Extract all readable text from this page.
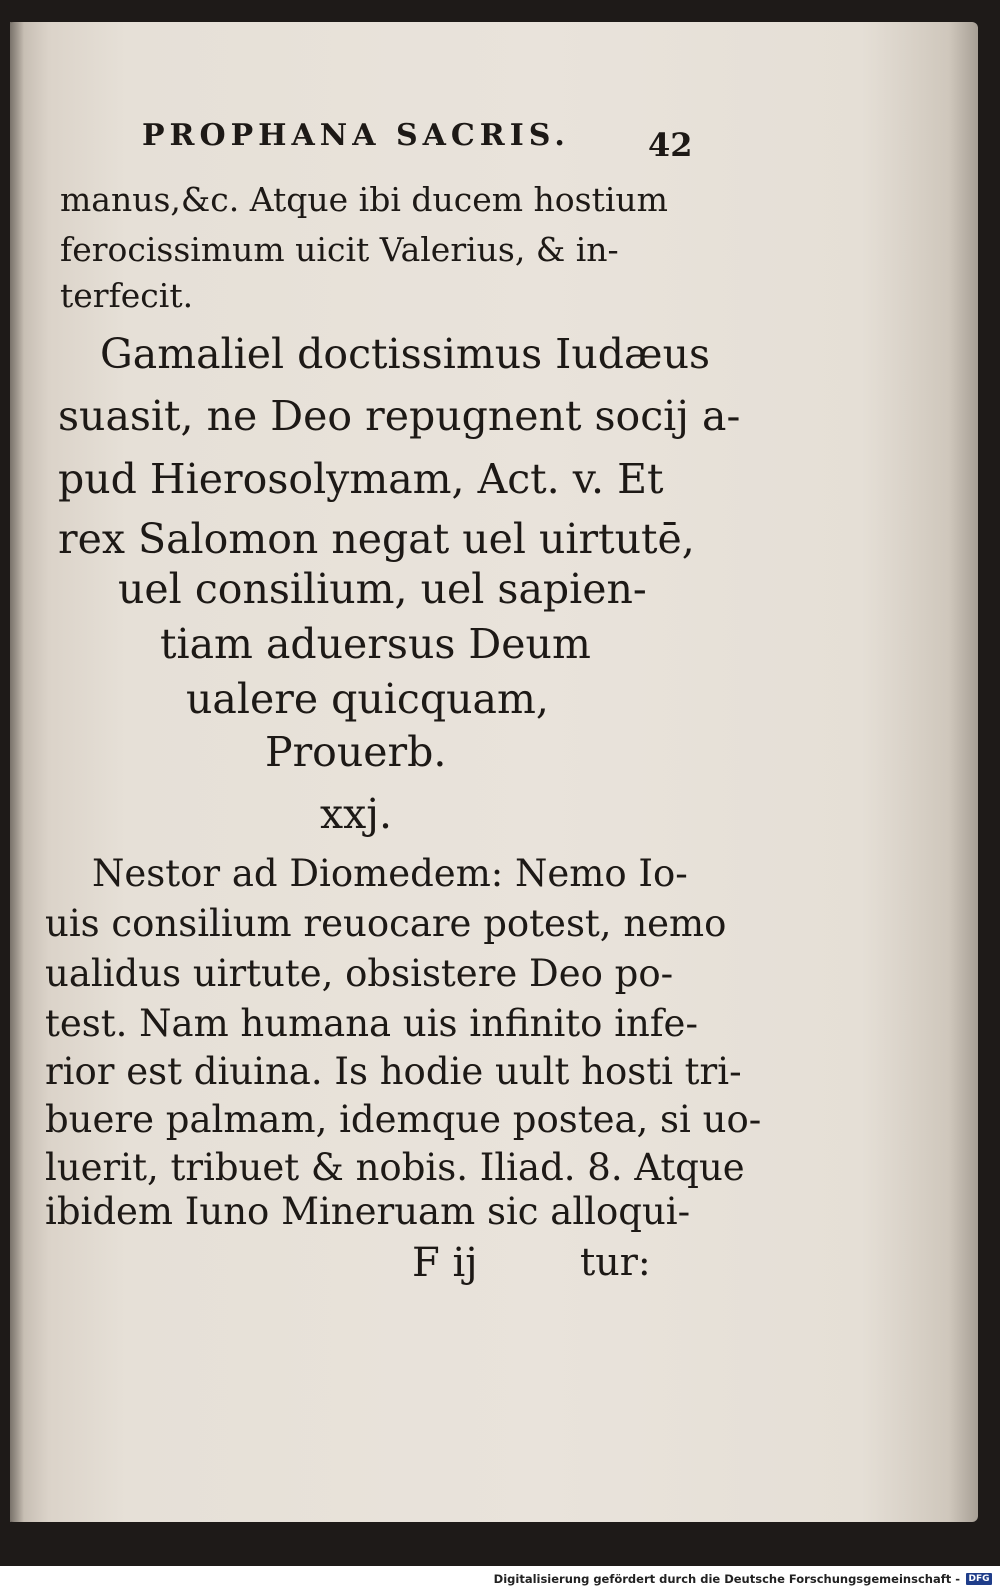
PROPHANA SACRIS. 42
manus,&c. Atque ibi ducem hostium
ferocissimum uicit Valerius, & in-
terfecit.
Gamaliel doctissimus Iudæus
suasit, ne Deo repugnent socij a-
pud Hierosolymam, Act. v. Et
rex Salomon negat uel uirtutē,
uel consilium, uel sapien-
tiam aduersus Deum
ualere quicquam,
Prouerb.
xxj.
Nestor ad Diomedem: Nemo Io-
uis consilium reuocare potest, nemo
ualidus uirtute, obsistere Deo po-
test. Nam humana uis infinito infe-
rior est diuina. Is hodie uult hosti tri-
buere palmam, idemque postea, si uo-
luerit, tribuet & nobis. Iliad. 8. Atque
ibidem Iuno Mineruam sic alloqui-
F ij	tur:
Digitalisierung gefördert durch die Deutsche Forschungsgemeinschaft - DFG
